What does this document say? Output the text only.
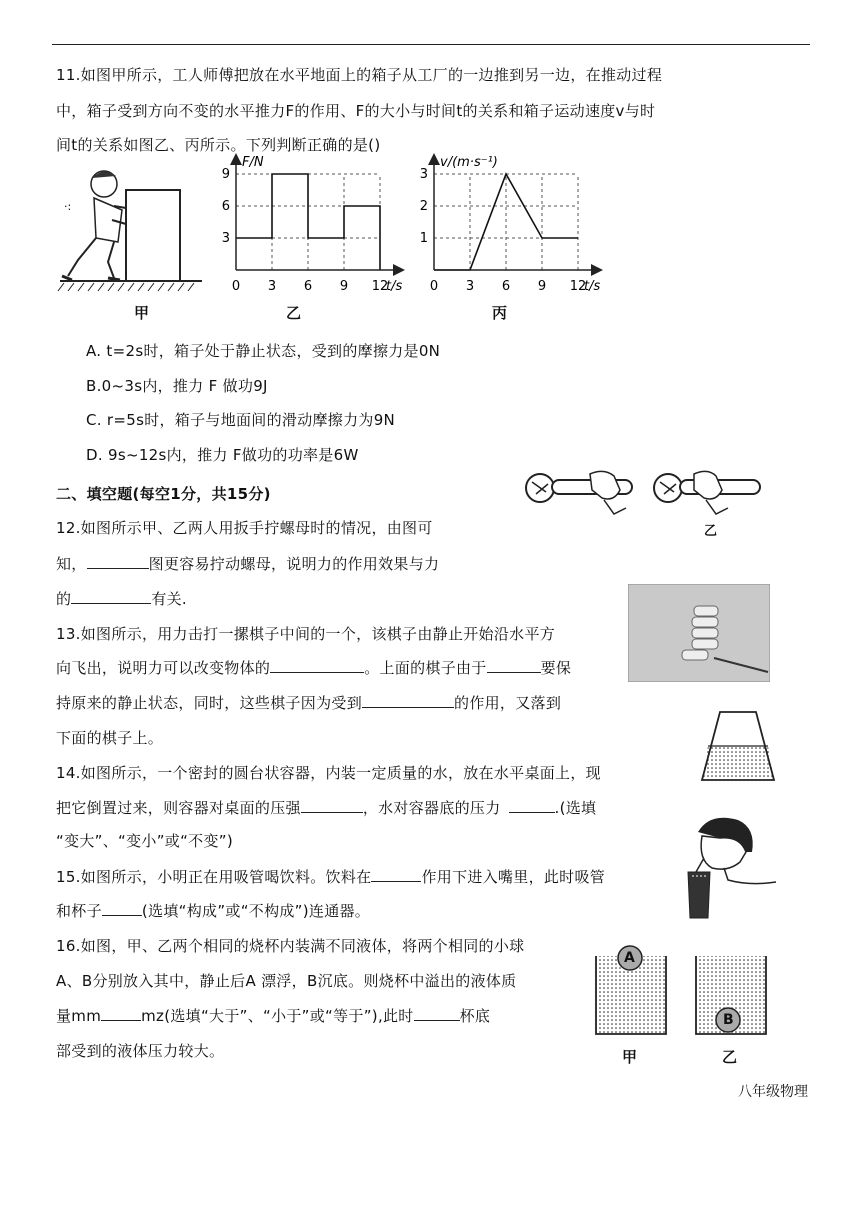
11.如图甲所示，工人师傅把放在水平地面上的箱子从工厂的一边推到另一边，在推动过程
中，箱子受到方向不变的水平推力F的作用、F的大小与时间t的关系和箱子运动速度v与时
间t的关系如图乙、丙所示。下列判断正确的是()
·:
F/N
t/s
3
6
9
0 3 6 9 12
v/(m·s⁻¹)
t/s
1
2
3
0 3 6 9 12
甲	乙	丙
A. t=2s时，箱子处于静止状态，受到的摩擦力是0N
B.0~3s内，推力 F 做功9J
C. r=5s时，箱子与地面间的滑动摩擦力为9N
D. 9s~12s内，推力 F做功的功率是6W
二、填空题(每空1分，共15分)
乙
12.如图所示甲、乙两人用扳手拧螺母时的情况，由图可
知，	图更容易拧动螺母，说明力的作用效果与力
的	有关.
13.如图所示，用力击打一摞棋子中间的一个，该棋子由静止开始沿水平方
向飞出，说明力可以改变物体的	。上面的棋子由于	要保
持原来的静止状态，同时，这些棋子因为受到	的作用，又落到
下面的棋子上。
14.如图所示，一个密封的圆台状容器，内装一定质量的水，放在水平桌面上，现
把它倒置过来，则容器对桌面的压强	，水对容器底的压力	.(选填
“变大”、“变小”或“不变”)
15.如图所示，小明正在用吸管喝饮料。饮料在	作用下进入嘴里，此时吸管
和杯子	(选填“构成”或“不构成”)连通器。
A
B
16.如图，甲、乙两个相同的烧杯内装满不同液体，将两个相同的小球
A、B分别放入其中，静止后A 漂浮，B沉底。则烧杯中溢出的液体质
量mm	mz(选填“大于”、“小于”或“等于”),此时	杯底
部受到的液体压力较大。	甲	乙
八年级物理
